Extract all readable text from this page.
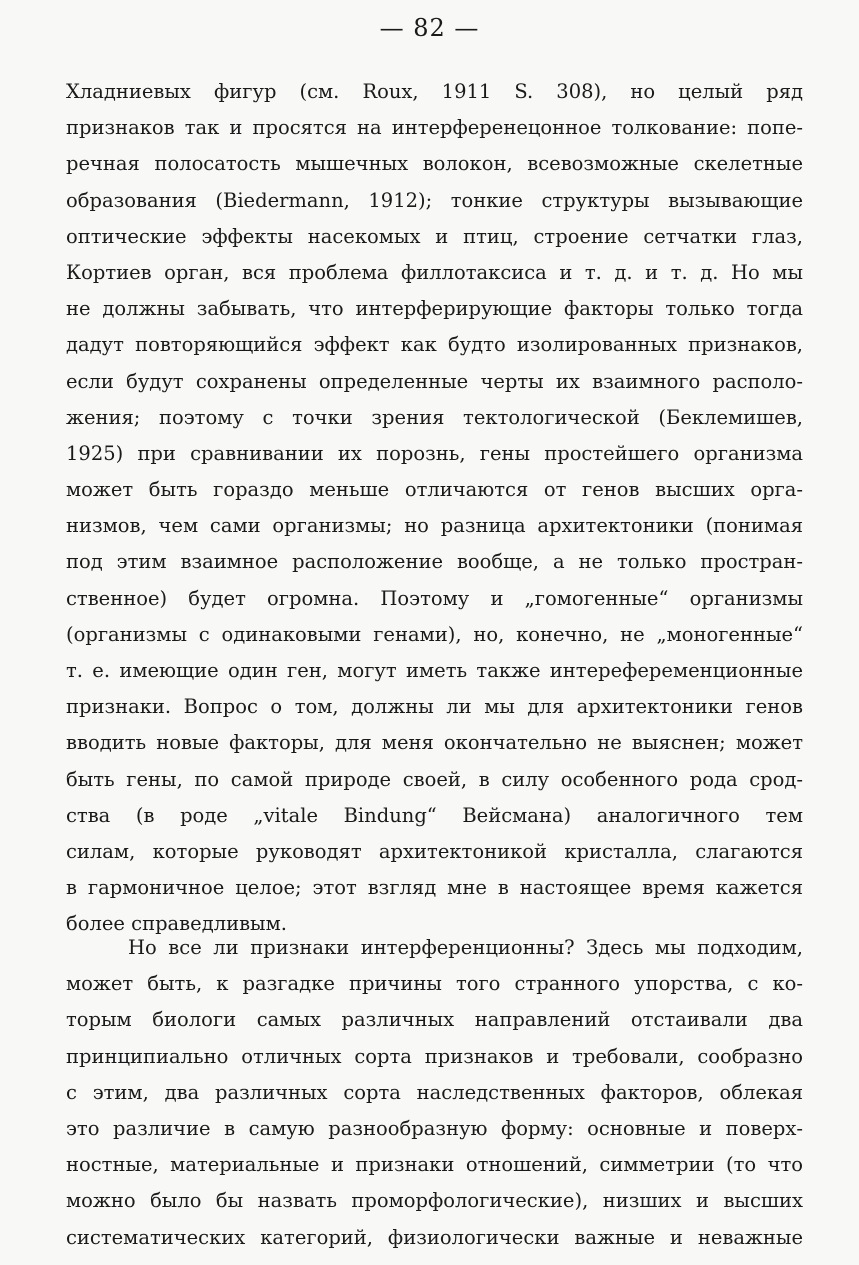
— 82 —
Хладниевых фигур (см. Roux, 1911 S. 308), но целый ряд
признаков так и просятся на интерференецонное толкование: попе-
речная полосатость мышечных волокон, всевозможные скелетные
образования (Biedermann, 1912); тонкие структуры вызывающие
оптические эффекты насекомых и птиц, строение сетчатки глаз,
Кортиев орган, вся проблема филлотаксиса и т. д. и т. д. Но мы
не должны забывать, что интерферирующие факторы только тогда
дадут повторяющийся эффект как будто изолированных признаков,
если будут сохранены определенные черты их взаимного располо-
жения; поэтому с точки зрения тектологической (Беклемишев,
1925) при сравнивании их порознь, гены простейшего организма
может быть гораздо меньше отличаются от генов высших орга-
низмов, чем сами организмы; но разница архитектоники (понимая
под этим взаимное расположение вообще, а не только простран-
ственное) будет огромна. Поэтому и „гомогенные“ организмы
(организмы с одинаковыми генами), но, конечно, не „моногенные“
т. е. имеющие один ген, могут иметь также интерефеременционные
признаки. Вопрос о том, должны ли мы для архитектоники генов
вводить новые факторы, для меня окончательно не выяснен; может
быть гены, по самой природе своей, в силу особенного рода срод-
ства (в роде „vitale Bindung“ Вейсмана) аналогичного тем
силам, которые руководят архитектоникой кристалла, слагаются
в гармоничное целое; этот взгляд мне в настоящее время кажется
более справедливым.
Но все ли признаки интерференционны? Здесь мы подходим,
может быть, к разгадке причины того странного упорства, с ко-
торым биологи самых различных направлений отстаивали два
принципиально отличных сорта признаков и требовали, сообразно
с этим, два различных сорта наследственных факторов, облекая
это различие в самую разнообразную форму: основные и поверх-
ностные, материальные и признаки отношений, симметрии (то что
можно было бы назвать проморфологические), низших и высших
систематических категорий, физиологически важные и неважные
